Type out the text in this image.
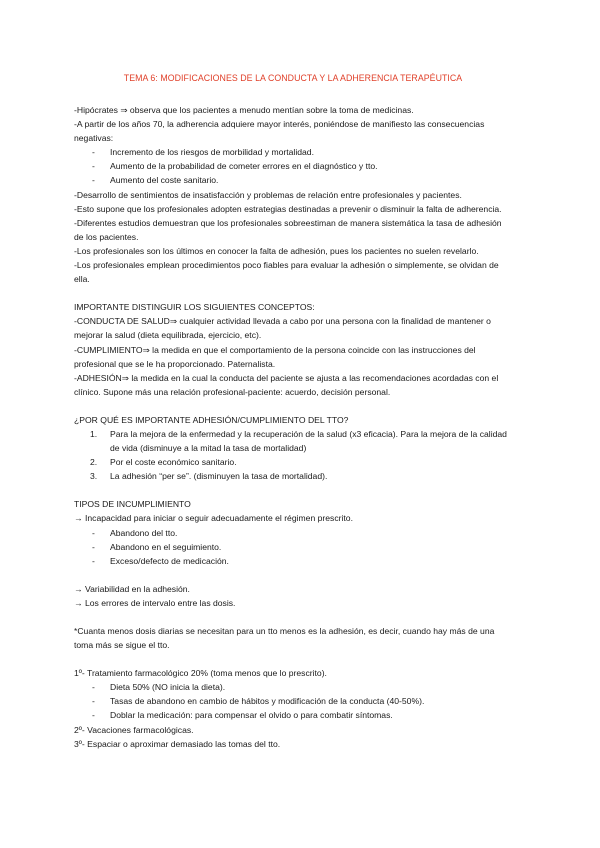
TEMA 6: MODIFICACIONES DE LA CONDUCTA Y LA ADHERENCIA TERAPÉUTICA

-Hipócrates ⇒ observa que los pacientes a menudo mentían sobre la toma de medicinas.

-A partir de los años 70, la adherencia adquiere mayor interés, poniéndose de manifiesto las consecuencias negativas:

- Incremento de los riesgos de morbilidad y mortalidad.
- Aumento de la probabilidad de cometer errores en el diagnóstico y tto.
- Aumento del coste sanitario.

-Desarrollo de sentimientos de insatisfacción y problemas de relación entre profesionales y pacientes.

-Esto supone que los profesionales adopten estrategias destinadas a prevenir o disminuir la falta de adherencia.

-Diferentes estudios demuestran que los profesionales sobreestiman de manera sistemática la tasa de adhesión de los pacientes.

-Los profesionales son los últimos en conocer la falta de adhesión, pues los pacientes no suelen revelarlo.

-Los profesionales emplean procedimientos poco fiables para evaluar la adhesión o simplemente, se olvidan de ella.

IMPORTANTE DISTINGUIR LOS SIGUIENTES CONCEPTOS:

-CONDUCTA DE SALUD⇒ cualquier actividad llevada a cabo por una persona con la finalidad de mantener o mejorar la salud (dieta equilibrada, ejercicio, etc).

-CUMPLIMIENTO⇒ la medida en que el comportamiento de la persona coincide con las instrucciones del profesional que se le ha proporcionado. Paternalista.

-ADHESIÓN⇒ la medida en la cual la conducta del paciente se ajusta a las recomendaciones acordadas con el clínico. Supone más una relación profesional-paciente: acuerdo, decisión personal.

¿POR QUÉ ES IMPORTANTE ADHESIÓN/CUMPLIMIENTO DEL TTO?

1. Para la mejora de la enfermedad y la recuperación de la salud (x3 eficacia). Para la mejora de la calidad de vida (disminuye a la mitad la tasa de mortalidad)
2. Por el coste económico sanitario.
3. La adhesión “per se”. (disminuyen la tasa de mortalidad).

TIPOS DE INCUMPLIMIENTO

→ Incapacidad para iniciar o seguir adecuadamente el régimen prescrito.

- Abandono del tto.
- Abandono en el seguimiento.
- Exceso/defecto de medicación.

→ Variabilidad en la adhesión.

→ Los errores de intervalo entre las dosis.

*Cuanta menos dosis diarias se necesitan para un tto menos es la adhesión, es decir, cuando hay más de una toma más se sigue el tto.

1º- Tratamiento farmacológico 20% (toma menos que lo prescrito).

- Dieta 50% (NO inicia la dieta).
- Tasas de abandono en cambio de hábitos y modificación de la conducta (40-50%).
- Doblar la medicación: para compensar el olvido o para combatir síntomas.

2º- Vacaciones farmacológicas.

3º- Espaciar o aproximar demasiado las tomas del tto.
